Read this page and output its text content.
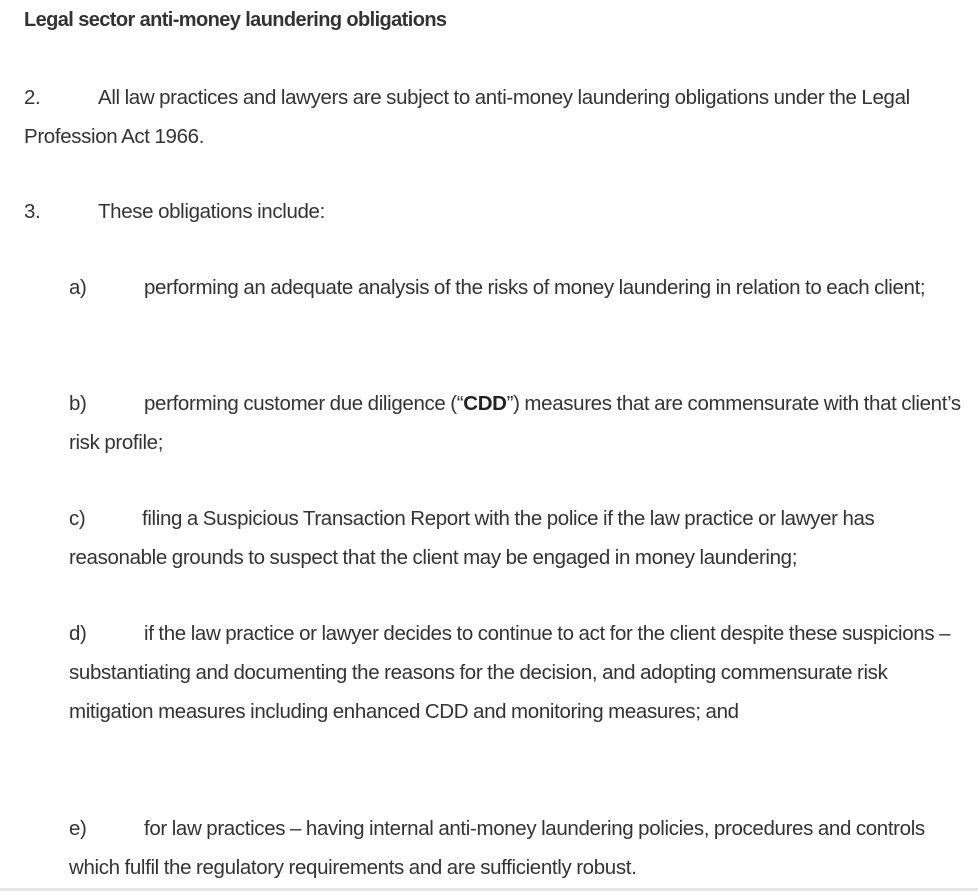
Legal sector anti-money laundering obligations

2.	All law practices and lawyers are subject to anti-money laundering obligations under the Legal Profession Act 1966.

3.	These obligations include:

a)	performing an adequate analysis of the risks of money laundering in relation to each client;

b)	performing customer due diligence (“CDD”) measures that are commensurate with that client’s risk profile;

c)	filing a Suspicious Transaction Report with the police if the law practice or lawyer has reasonable grounds to suspect that the client may be engaged in money laundering;

d)	if the law practice or lawyer decides to continue to act for the client despite these suspicions – substantiating and documenting the reasons for the decision, and adopting commensurate risk mitigation measures including enhanced CDD and monitoring measures; and

e)	for law practices – having internal anti-money laundering policies, procedures and controls which fulfil the regulatory requirements and are sufficiently robust.
